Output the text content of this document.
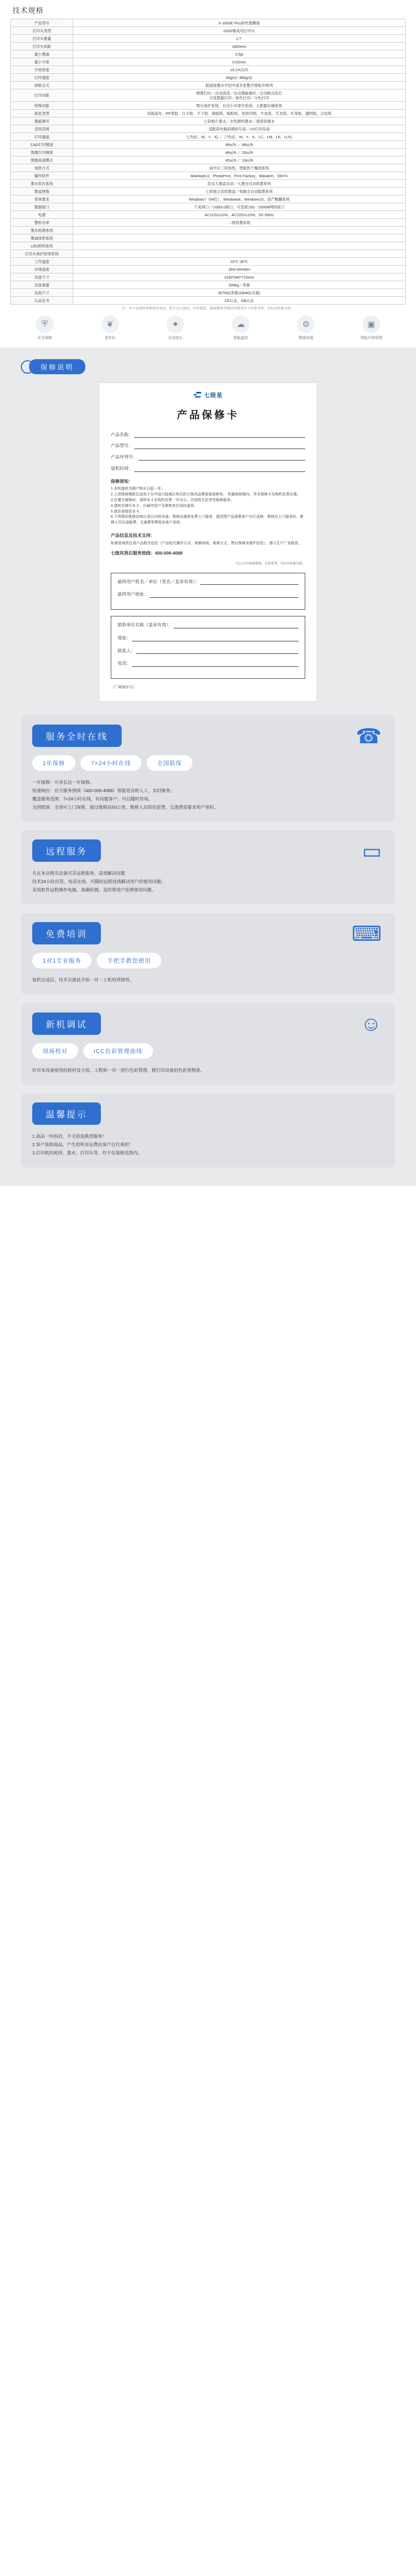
技术规格
产品型号	X-1600E Plus彩色数膜版
打印头类型	i3200集成电打印头
打印头数量	2个
打印头间距	1800mm
最小墨滴	3.5pl
最小字体	0.02mm
介质厚度	≤0.1%以内
打印速度	60g/㎡~380g/㎡
排版方式	版面按置水平居中或多张整齐排版并排列
打印功能	喷墨打印／自动清洗／自动墨路循环／自动断点续打
可变数据打印／套色打印／分色打印

特殊功能	喷头保护系统、自动小车排序系统、大数据存储系统

纸张类型	双面高光、PP背胶、白卡纸、不干胶、铜版纸、哑粉纸、热转印纸、牛皮纸、艺术纸、车身贴、透明贴、合成纸
墨路循环	七彩相片墨水／水性颜料墨水／弱溶剂墨水
适用范围	适配彩色数码喷绘写真／UV打印设备
打印通道	七色(C、M、Y、K) ／ 六色(C、M、Y、K、LC、LM、LK、LLK)
CAD打印精度	96㎡/h ／ 86㎡/h
图像打印精度	48㎡/h ／ 26㎡/h
图像高速模式	45㎡/h ／ 19㎡/h
加热方式	前中后三段加热，智能热干燥现系统
操作软件	Maintop5.0、PhotoPrint、Print Factory、Wasatch、ONYX
墨水供应系统	负压大墨盒自动／大墨仓自动供墨系统
墨盒规格	七彩独立连供墨盒／电脑全自动稳墨系统
系统要求	Windows7（64位）、Windows8、Windows10、国产鲲鹏系统
数据接口	千兆网口／USB3.0接口，可连接100／1000M网络接口
电源	AC110V±10%、AC220V±10%、50~60Hz
整机功率	二级供墨系统
墨水检测系统	
墨滴体积系统	
LED照明系统	
打印头保护防堵系统	
工作温度	20℃-35℃
环境湿度	35%-65%RH
设备尺寸	3180*940*710mm
设备重量	330kg／净重
包装尺寸	3576G(净重)1904G(毛重)
认证证书	CE认证、GB认证
注：本产品规格参数如有变动，恕不另行通知；打印速度、墨滴数据等测试环境条件下的参考值，实际以机器为准。
⛨
安全保障
❦
省外价
●
自动洗头
☁
智能温控
⚙
精度加强
▣
智能升级管理
保修说明
七级星
产品保修卡
产品名称：
产品型号：
产品序列号：
装机时间：
保修须知：
1.本机提供为期产购买日起一年。
2.上述保修期限仅适用于在中国大陆地区购买的七级风品牌原装保修单， 机器保修期内，凭本保修卡及购机发票办理。
3.在遵守保修时，请将本卡及购机发票一并出示，否则将无法享受保修服务。
4.请如实填写本卡，自最终用户及销售单位同时盖章。
5.请妥善保管本卡。
6.下列情况维修站50公里以内的设备，维修站提供免费上门服务，超范围产品需要客户自行送修，维修站上门服务时，维修人员往返路费、交通费等费用由客户承担。
产品信息及技术支持：
如需查询贵任用户品相关信息（产品相关操作方式、视频说明、维修方式、售后保修及维护信息），请与生产厂家联系。
七级风售后服务热线：400-009-4088
*以上打印速度数据，仅供参考，实际以机器为准。
最终用户姓名／单位（签名／盖章有效）：
最终用户地址：
销售单位名称（盖章有效）：
地址：
联系人：
电话：
（厂商保存方）
服务全时在线	☎
1年保修	7×24小时在线	全国联保
一年保修：可享长达一年保修。
快速响应：官方服务热线（400-009-4088）智能语音转人工，实时服务；
覆盖服务范围：7×24小时在线，有问题客户，可以随时咨询。
全国联保：全国可上门保修，超过维修站50公里、维修人员的住宿费，交通费需要求用户承担。
远程服务	▭
凡在本店购买设备可享远程服务，高效解决问题
技术24小时应答、电话在线，可随时远程连线解决用户的使用问题；
采用软件远程操作电脑，准确检测，及时帮用户处理使用问题。
免费培训	⌨
1对1专业服务	手把手教您使用
装机完成后，技术员就此开始一对一上机培训使用。
新机调试	☺
现场校对	ICC色彩管理曲线
针对本设备使用的耗材及介质，工程师一对一进行色彩管理，便打印设备的色彩更精准。
温馨提示
1.商品一经拆封，不支持退换货服务！
2.客户装购商品，产生的所有运费由客户自行承担！
3.打印机的耗材、墨水、打印头等，均不在保修范围内。
